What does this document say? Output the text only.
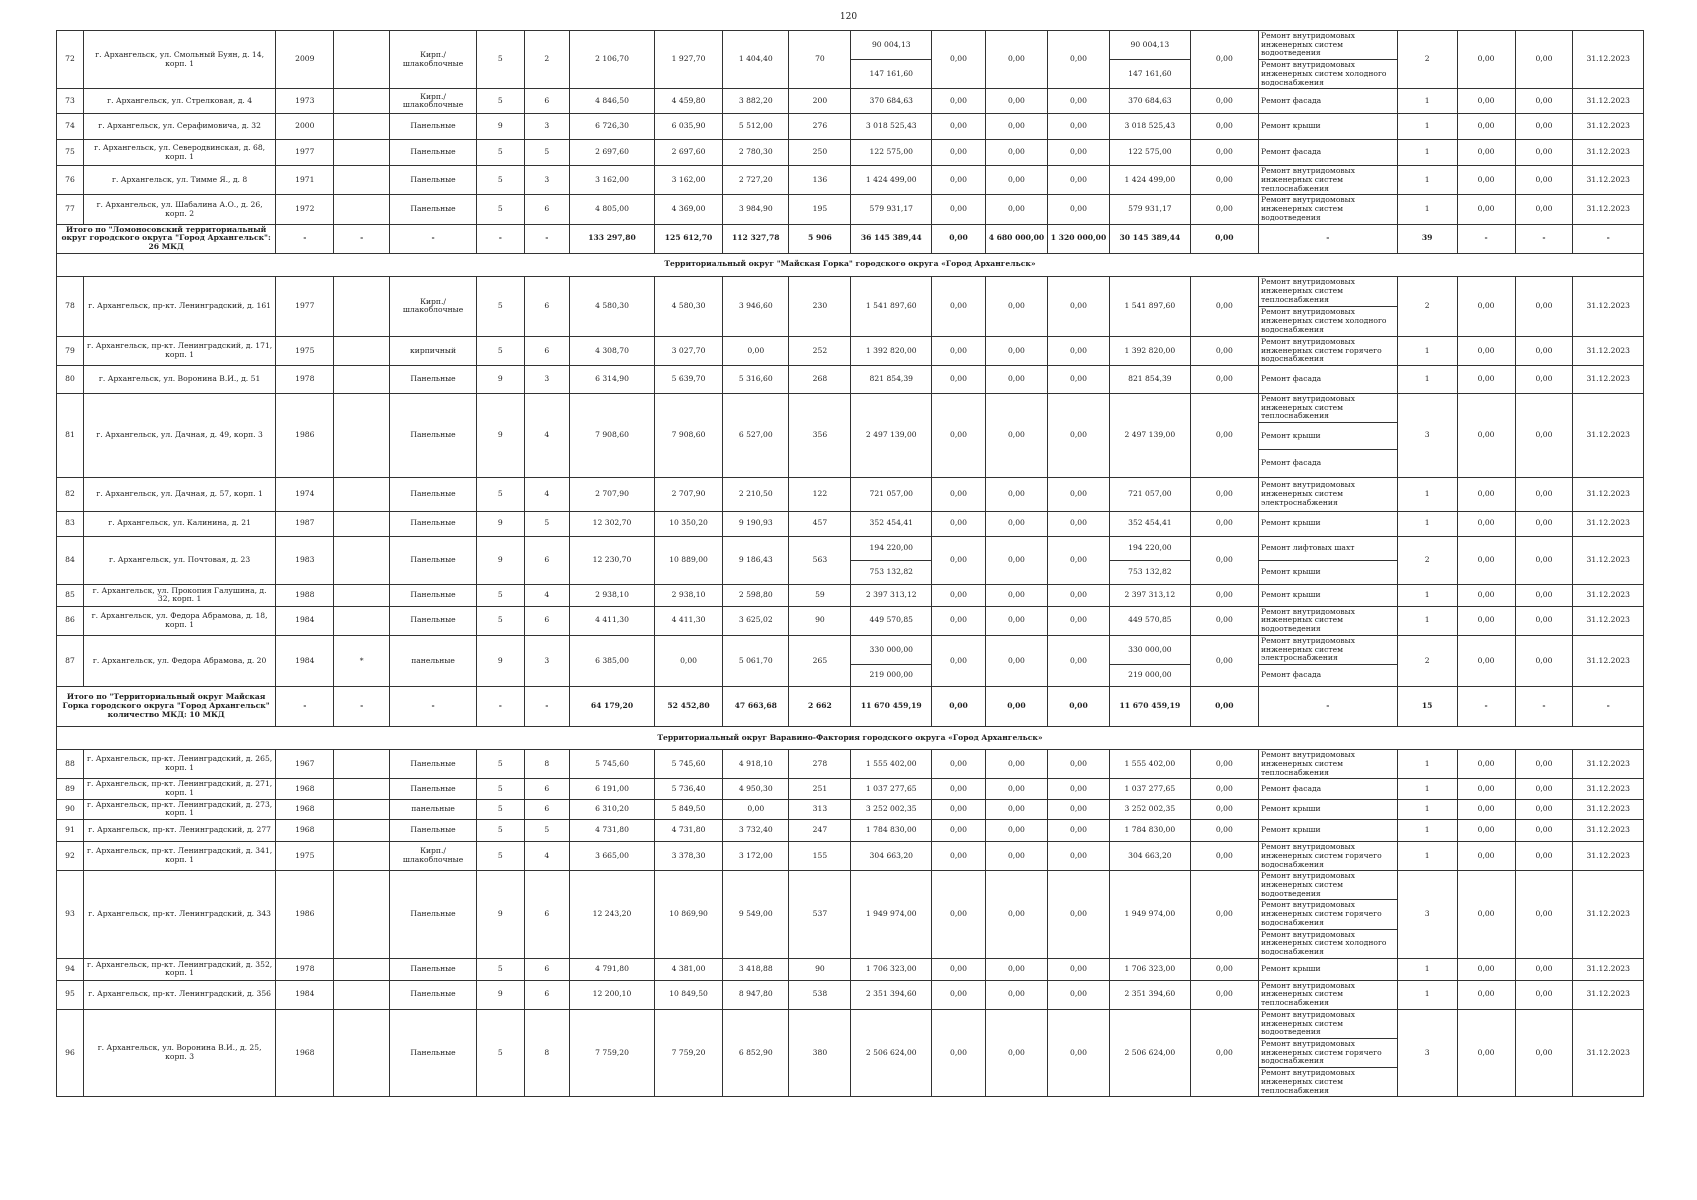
120
72	г. Архангельск, ул. Смольный Буян, д. 14, корп. 1	2009		Кирп./ шлакоблочные	5	2	2 106,70	1 927,70	1 404,40	70	90 004,13	0,00	0,00	0,00	90 004,13	0,00	Ремонт внутридомовых инженерных систем водоотведения	2	0,00	0,00	31.12.2023
											147 161,60				147 161,60		Ремонт внутридомовых инженерных систем холодного водоснабжения				
73	г. Архангельск, ул. Стрелковая, д. 4	1973		Кирп./ шлакоблочные	5	6	4 846,50	4 459,80	3 882,20	200	370 684,63	0,00	0,00	0,00	370 684,63	0,00	Ремонт фасада	1	0,00	0,00	31.12.2023
74	г. Архангельск, ул. Серафимовича, д. 32	2000		Панельные	9	3	6 726,30	6 035,90	5 512,00	276	3 018 525,43	0,00	0,00	0,00	3 018 525,43	0,00	Ремонт крыши	1	0,00	0,00	31.12.2023
75	г. Архангельск, ул. Северодвинская, д. 68, корп. 1	1977		Панельные	5	5	2 697,60	2 697,60	2 780,30	250	122 575,00	0,00	0,00	0,00	122 575,00	0,00	Ремонт фасада	1	0,00	0,00	31.12.2023
76	г. Архангельск, ул. Тимме Я., д. 8	1971		Панельные	5	3	3 162,00	3 162,00	2 727,20	136	1 424 499,00	0,00	0,00	0,00	1 424 499,00	0,00	Ремонт внутридомовых инженерных систем теплоснабжения	1	0,00	0,00	31.12.2023
77	г. Архангельск, ул. Шабалина А.О., д. 26, корп. 2	1972		Панельные	5	6	4 805,00	4 369,00	3 984,90	195	579 931,17	0,00	0,00	0,00	579 931,17	0,00	Ремонт внутридомовых инженерных систем водоотведения	1	0,00	0,00	31.12.2023
Итого по "Ломоносовский территориальный округ городского округа "Город Архангельск": 26 МКД		-	-	-	-	-	133 297,80	125 612,70	112 327,78	5 906	36 145 389,44	0,00	4 680 000,00	1 320 000,00	30 145 389,44	0,00	-	39	-	-	-
Территориальный округ "Майская Горка" городского округа «Город Архангельск»																					
78	г. Архангельск, пр-кт. Ленинградский, д. 161	1977		Кирп./ шлакоблочные	5	6	4 580,30	4 580,30	3 946,60	230	1 541 897,60	0,00	0,00	0,00	1 541 897,60	0,00	Ремонт внутридомовых инженерных систем теплоснабжения	2	0,00	0,00	31.12.2023
																	Ремонт внутридомовых инженерных систем холодного водоснабжения				
79	г. Архангельск, пр-кт. Ленинградский, д. 171, корп. 1	1975		кирпичный	5	6	4 308,70	3 027,70	0,00	252	1 392 820,00	0,00	0,00	0,00	1 392 820,00	0,00	Ремонт внутридомовых инженерных систем горячего водоснабжения	1	0,00	0,00	31.12.2023
80	г. Архангельск, ул. Воронина В.И., д. 51	1978		Панельные	9	3	6 314,90	5 639,70	5 316,60	268	821 854,39	0,00	0,00	0,00	821 854,39	0,00	Ремонт фасада	1	0,00	0,00	31.12.2023
81	г. Архангельск, ул. Дачная, д. 49, корп. 3	1986		Панельные	9	4	7 908,60	7 908,60	6 527,00	356	2 497 139,00	0,00	0,00	0,00	2 497 139,00	0,00	Ремонт внутридомовых инженерных систем теплоснабжения	3	0,00	0,00	31.12.2023
																	Ремонт крыши				
																	Ремонт фасада				
82	г. Архангельск, ул. Дачная, д. 57, корп. 1	1974		Панельные	5	4	2 707,90	2 707,90	2 210,50	122	721 057,00	0,00	0,00	0,00	721 057,00	0,00	Ремонт внутридомовых инженерных систем электроснабжения	1	0,00	0,00	31.12.2023
83	г. Архангельск, ул. Калинина, д. 21	1987		Панельные	9	5	12 302,70	10 350,20	9 190,93	457	352 454,41	0,00	0,00	0,00	352 454,41	0,00	Ремонт крыши	1	0,00	0,00	31.12.2023
84	г. Архангельск, ул. Почтовая, д. 23	1983		Панельные	9	6	12 230,70	10 889,00	9 186,43	563	194 220,00	0,00	0,00	0,00	194 220,00	0,00	Ремонт лифтовых шахт	2	0,00	0,00	31.12.2023
											753 132,82				753 132,82		Ремонт крыши				
85	г. Архангельск, ул. Прокопия Галушина, д. 32, корп. 1	1988		Панельные	5	4	2 938,10	2 938,10	2 598,80	59	2 397 313,12	0,00	0,00	0,00	2 397 313,12	0,00	Ремонт крыши	1	0,00	0,00	31.12.2023
86	г. Архангельск, ул. Федора Абрамова, д. 18, корп. 1	1984		Панельные	5	6	4 411,30	4 411,30	3 625,02	90	449 570,85	0,00	0,00	0,00	449 570,85	0,00	Ремонт внутридомовых инженерных систем водоотведения	1	0,00	0,00	31.12.2023
87	г. Архангельск, ул. Федора Абрамова, д. 20	1984	*	панельные	9	3	6 385,00	0,00	5 061,70	265	330 000,00	0,00	0,00	0,00	330 000,00	0,00	Ремонт внутридомовых инженерных систем электроснабжения	2	0,00	0,00	31.12.2023
											219 000,00				219 000,00		Ремонт фасада				
Итого по "Территориальный округ Майская Горка городского округа "Город Архангельск" количество МКД: 10 МКД		-	-	-	-	-	64 179,20	52 452,80	47 663,68	2 662	11 670 459,19	0,00	0,00	0,00	11 670 459,19	0,00	-	15	-	-	-
Территориальный округ Варавино-Фактория городского округа «Город Архангельск»																					
88	г. Архангельск, пр-кт. Ленинградский, д. 265, корп. 1	1967		Панельные	5	8	5 745,60	5 745,60	4 918,10	278	1 555 402,00	0,00	0,00	0,00	1 555 402,00	0,00	Ремонт внутридомовых инженерных систем теплоснабжения	1	0,00	0,00	31.12.2023
89	г. Архангельск, пр-кт. Ленинградский, д. 271, корп. 1	1968		Панельные	5	6	6 191,00	5 736,40	4 950,30	251	1 037 277,65	0,00	0,00	0,00	1 037 277,65	0,00	Ремонт фасада	1	0,00	0,00	31.12.2023
90	г. Архангельск, пр-кт. Ленинградский, д. 273, корп. 1	1968		панельные	5	6	6 310,20	5 849,50	0,00	313	3 252 002,35	0,00	0,00	0,00	3 252 002,35	0,00	Ремонт крыши	1	0,00	0,00	31.12.2023
91	г. Архангельск, пр-кт. Ленинградский, д. 277	1968		Панельные	5	5	4 731,80	4 731,80	3 732,40	247	1 784 830,00	0,00	0,00	0,00	1 784 830,00	0,00	Ремонт крыши	1	0,00	0,00	31.12.2023
92	г. Архангельск, пр-кт. Ленинградский, д. 341, корп. 1	1975		Кирп./ шлакоблочные	5	4	3 665,00	3 378,30	3 172,00	155	304 663,20	0,00	0,00	0,00	304 663,20	0,00	Ремонт внутридомовых инженерных систем горячего водоснабжения	1	0,00	0,00	31.12.2023
93	г. Архангельск, пр-кт. Ленинградский, д. 343	1986		Панельные	9	6	12 243,20	10 869,90	9 549,00	537	1 949 974,00	0,00	0,00	0,00	1 949 974,00	0,00	Ремонт внутридомовых инженерных систем водоотведения	3	0,00	0,00	31.12.2023
																	Ремонт внутридомовых инженерных систем горячего водоснабжения				
																	Ремонт внутридомовых инженерных систем холодного водоснабжения				
94	г. Архангельск, пр-кт. Ленинградский, д. 352, корп. 1	1978		Панельные	5	6	4 791,80	4 381,00	3 418,88	90	1 706 323,00	0,00	0,00	0,00	1 706 323,00	0,00	Ремонт крыши	1	0,00	0,00	31.12.2023
95	г. Архангельск, пр-кт. Ленинградский, д. 356	1984		Панельные	9	6	12 200,10	10 849,50	8 947,80	538	2 351 394,60	0,00	0,00	0,00	2 351 394,60	0,00	Ремонт внутридомовых инженерных систем теплоснабжения	1	0,00	0,00	31.12.2023
96	г. Архангельск, ул. Воронина В.И., д. 25, корп. 3	1968		Панельные	5	8	7 759,20	7 759,20	6 852,90	380	2 506 624,00	0,00	0,00	0,00	2 506 624,00	0,00	Ремонт внутридомовых инженерных систем водоотведения	3	0,00	0,00	31.12.2023
																	Ремонт внутридомовых инженерных систем горячего водоснабжения				
																	Ремонт внутридомовых инженерных систем теплоснабжения				
